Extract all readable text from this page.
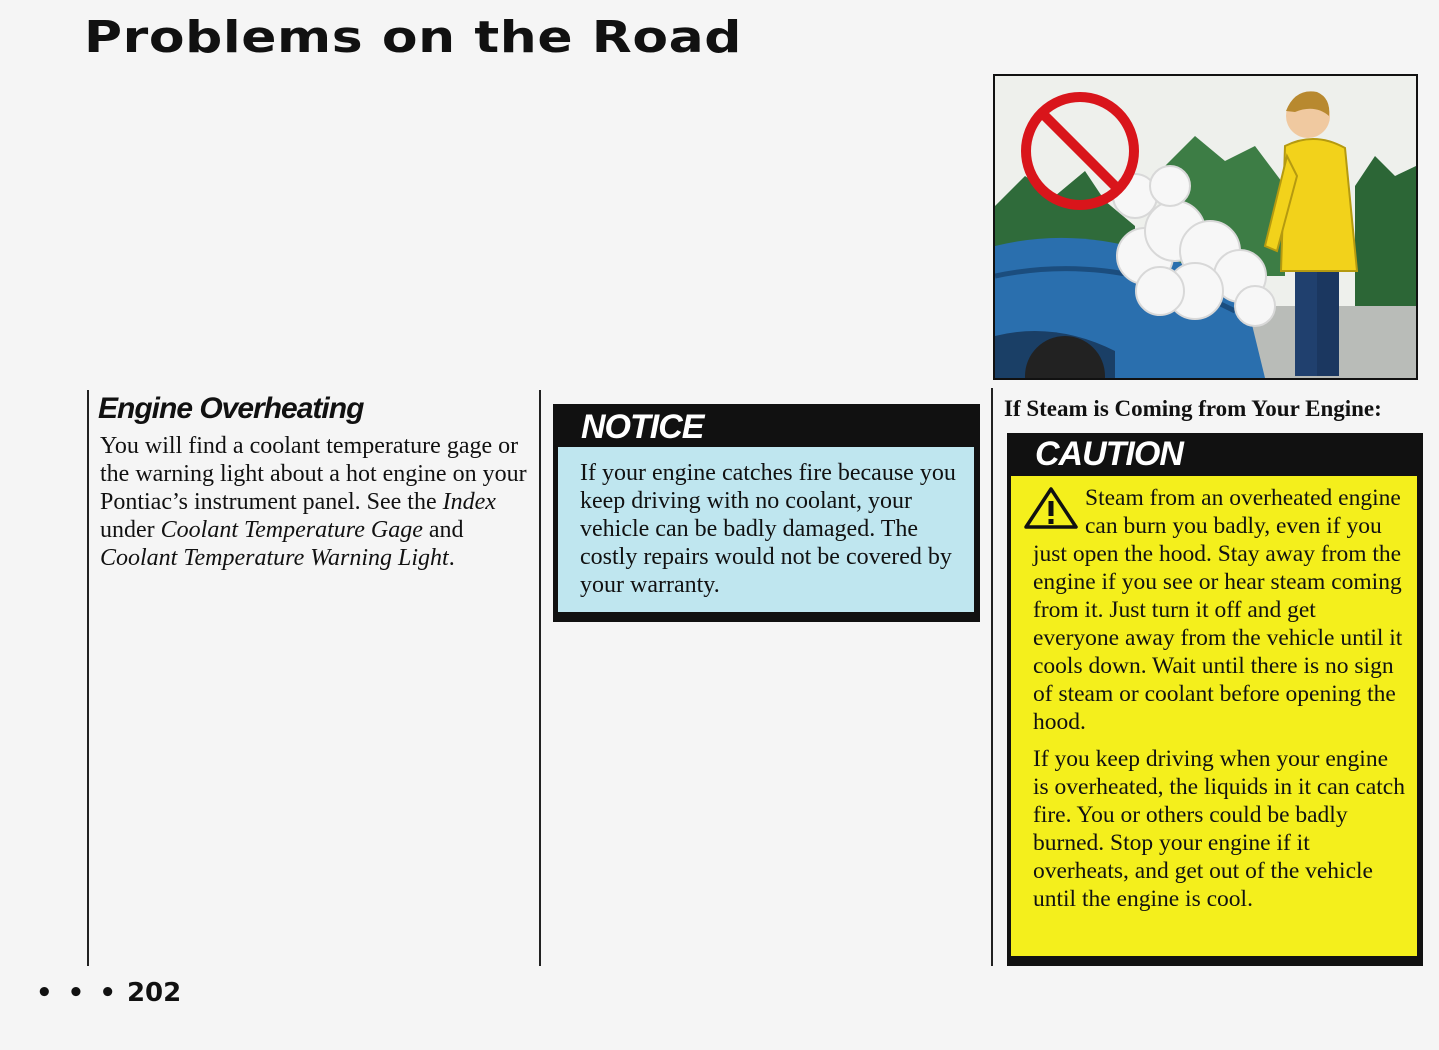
Problems on the Road
Engine Overheating
You will find a coolant temperature gage or the warning light about a hot engine on your Pontiac’s instrument panel. See the Index under Coolant Temperature Gage and Coolant Temperature Warning Light.
NOTICE
If your engine catches fire because you keep driving with no coolant, your vehicle can be badly damaged. The costly repairs would not be covered by your warranty.
If Steam is Coming from Your Engine:
CAUTION

Steam from an overheated engine can burn you badly, even if you just open the hood. Stay away from the engine if you see or hear steam coming from it. Just turn it off and get everyone away from the vehicle until it cools down. Wait until there is no sign of steam or coolant before opening the hood.

If you keep driving when your engine is overheated, the liquids in it can catch fire. You or others could be badly burned. Stop your engine if it overheats, and get out of the vehicle until the engine is cool.

• • • 202
